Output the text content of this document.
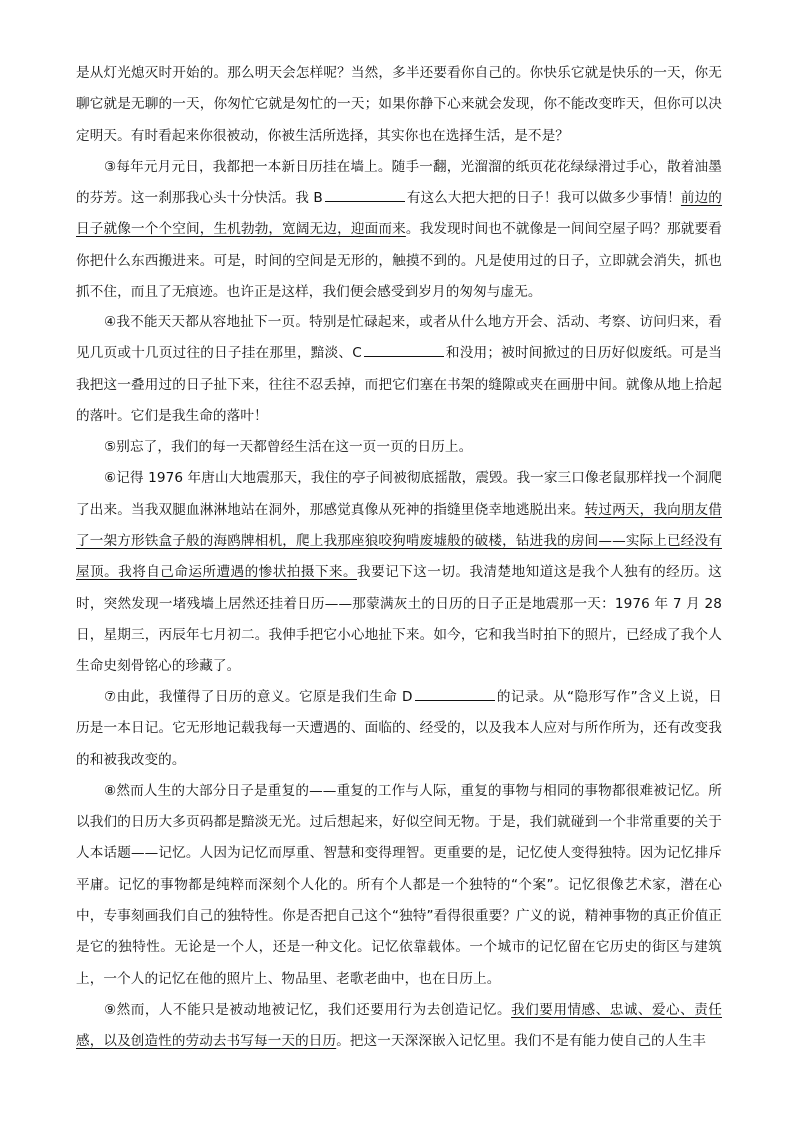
是从灯光熄灭时开始的。那么明天会怎样呢？当然，多半还要看你自己的。你快乐它就是快乐的一天，你无聊它就是无聊的一天，你匆忙它就是匆忙的一天；如果你静下心来就会发现，你不能改变昨天，但你可以决定明天。有时看起来你很被动，你被生活所选择，其实你也在选择生活，是不是？

③每年元月元日，我都把一本新日历挂在墙上。随手一翻，光溜溜的纸页花花绿绿滑过手心，散着油墨的芬芳。这一刹那我心头十分快活。我 B	有这么大把大把的日子！我可以做多少事情！前边的日子就像一个个空间，生机勃勃，宽阔无边，迎面而来。我发现时间也不就像是一间间空屋子吗？那就要看你把什么东西搬进来。可是，时间的空间是无形的，触摸不到的。凡是使用过的日子，立即就会消失，抓也抓不住，而且了无痕迹。也许正是这样，我们便会感受到岁月的匆匆与虚无。

④我不能天天都从容地扯下一页。特别是忙碌起来，或者从什么地方开会、活动、考察、访问归来，看见几页或十几页过往的日子挂在那里，黯淡、C	和没用；被时间掀过的日历好似废纸。可是当我把这一叠用过的日子扯下来，往往不忍丢掉，而把它们塞在书架的缝隙或夹在画册中间。就像从地上拾起的落叶。它们是我生命的落叶！

⑤别忘了，我们的每一天都曾经生活在这一页一页的日历上。

⑥记得 1976 年唐山大地震那天，我住的亭子间被彻底摇散，震毁。我一家三口像老鼠那样找一个洞爬了出来。当我双腿血淋淋地站在洞外，那感觉真像从死神的指缝里侥幸地逃脱出来。转过两天，我向朋友借了一架方形铁盒子般的海鸥牌相机，爬上我那座狼咬狗啃废墟般的破楼，钻进我的房间——实际上已经没有屋顶。我将自己命运所遭遇的惨状拍摄下来。我要记下这一切。我清楚地知道这是我个人独有的经历。这时，突然发现一堵残墙上居然还挂着日历——那蒙满灰土的日历的日子正是地震那一天：1976 年 7 月 28 日，星期三，丙辰年七月初二。我伸手把它小心地扯下来。如今，它和我当时拍下的照片，已经成了我个人生命史刻骨铭心的珍藏了。

⑦由此，我懂得了日历的意义。它原是我们生命 D	的记录。从“隐形写作”含义上说，日历是一本日记。它无形地记载我每一天遭遇的、面临的、经受的，以及我本人应对与所作所为，还有改变我的和被我改变的。

⑧然而人生的大部分日子是重复的——重复的工作与人际，重复的事物与相同的事物都很难被记忆。所以我们的日历大多页码都是黯淡无光。过后想起来，好似空间无物。于是，我们就碰到一个非常重要的关于人本话题——记忆。人因为记忆而厚重、智慧和变得理智。更重要的是，记忆使人变得独特。因为记忆排斥平庸。记忆的事物都是纯粹而深刻个人化的。所有个人都是一个独特的“个案”。记忆很像艺术家，潜在心中，专事刻画我们自己的独特性。你是否把自己这个“独特”看得很重要？广义的说，精神事物的真正价值正是它的独特性。无论是一个人，还是一种文化。记忆依靠载体。一个城市的记忆留在它历史的街区与建筑上，一个人的记忆在他的照片上、物品里、老歌老曲中，也在日历上。

⑨然而，人不能只是被动地被记忆，我们还要用行为去创造记忆。我们要用情感、忠诚、爱心、责任感，以及创造性的劳动去书写每一天的日历。把这一天深深嵌入记忆里。我们不是有能力使自己的人生丰
